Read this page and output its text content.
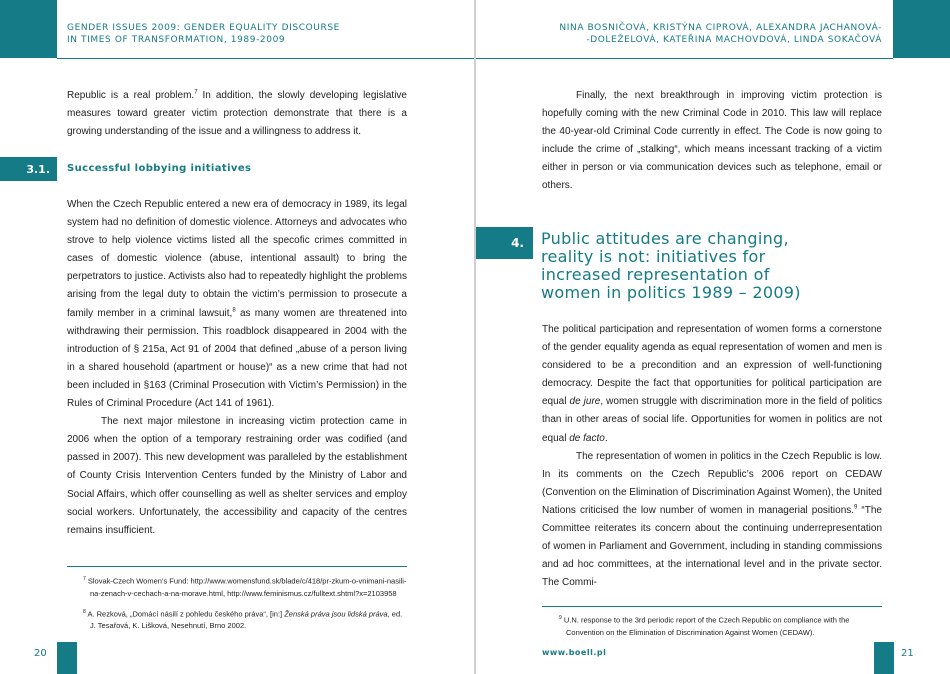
GENDER ISSUES 2009: GENDER EQUALITY DISCOURSE
IN TIMES OF TRANSFORMATION, 1989-2009

Republic is a real problem.$^7$ In addition, the slowly developing legislative measures toward greater victim protection demonstrate that there is a growing understanding of the issue and a willingness to address it.

3.1.	Successful lobbying initiatives

When the Czech Republic entered a new era of democracy in 1989, its legal system had no definition of domestic violence. Attorneys and advocates who strove to help violence victims listed all the specofic crimes committed in cases of domestic violence (abuse, intentional assault) to bring the perpetrators to justice. Activists also had to repeatedly highlight the problems arising from the legal duty to obtain the victim’s permission to prosecute a family member in a criminal lawsuit,$^8$ as many women are threatened into withdrawing their permission. This roadblock disappeared in 2004 with the introduction of § 215a, Act 91 of 2004 that defined „abuse of a person living in a shared household (apartment or house)“ as a new crime that had not been included in §163 (Criminal Prosecution with Victim’s Permission) in the Rules of Criminal Procedure (Act 141 of 1961).

The next major milestone in increasing victim protection came in 2006 when the option of a temporary restraining order was codified (and passed in 2007). This new development was paralleled by the establishment of County Crisis Intervention Centers funded by the Ministry of Labor and Social Affairs, which offer counselling as well as shelter services and employ social workers. Unfortunately, the accessibility and capacity of the centres remains insufficient.

$^7$ Slovak-Czech Women’s Fund: http://www.womensfund.sk/blade/c/418/pr-zkum-o-vnimani-nasili-na-zenach-v-cechach-a-na-morave.html, http://www.feminismus.cz/fulltext.shtml?x=2103958
$^8$ A. Rezková, „Domácí násilí z pohledu českého práva“, [in:] Ženská práva jsou lidská práva, ed. J. Tesařová, K. Lišková, Nesehnutí, Brno 2002.
20
NINA BOSNIČOVÁ, KRISTÝNA CIPROVÁ, ALEXANDRA JACHANOVÁ-
-DOLEŽELOVÁ, KATEŘINA MACHOVDOVÁ, LINDA SOKAČOVÁ

Finally, the next breakthrough in improving victim protection is hopefully coming with the new Criminal Code in 2010. This law will replace the 40-year-old Criminal Code currently in effect. The Code is now going to include the crime of „stalking“, which means incessant tracking of a victim either in person or via communication devices such as telephone, email or others.

4.	Public attitudes are changing,
reality is not: initiatives for
increased representation of
women in politics 1989 – 2009)

The political participation and representation of women forms a cornerstone of the gender equality agenda as equal representation of women and men is considered to be a precondition and an expression of well-functioning democracy. Despite the fact that opportunities for political participation are equal de jure, women struggle with discrimination more in the field of politics than in other areas of social life. Opportunities for women in politics are not equal de facto.

The representation of women in politics in the Czech Republic is low. In its comments on the Czech Republic’s 2006 report on CEDAW (Convention on the Elimination of Discrimination Against Women), the United Nations criticised the low number of women in managerial positions.$^9$ “The Committee reiterates its concern about the continuing underrepresentation of women in Parliament and Government, including in standing commissions and ad hoc committees, at the international level and in the private sector. The Commi-

$^9$ U.N. response to the 3rd periodic report of the Czech Republic on compliance with the Convention on the Elimination of Discrimination Against Women (CEDAW).
www.boell.pl	21
